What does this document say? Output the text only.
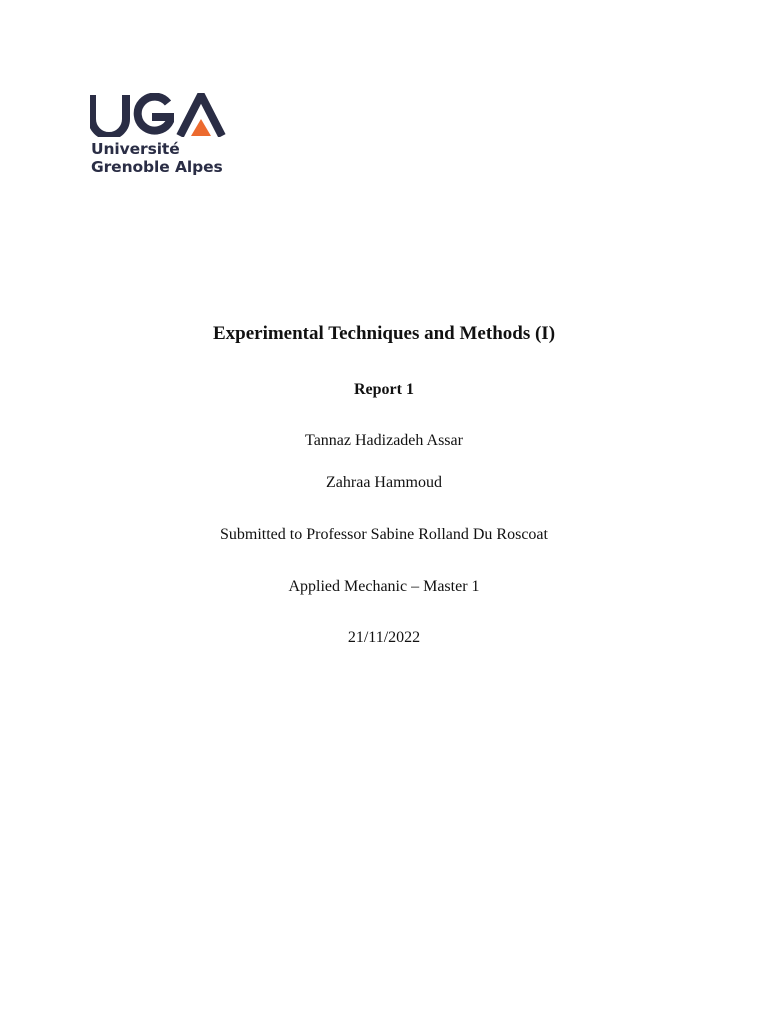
Université
Grenoble Alpes
Experimental Techniques and Methods (I)
Report 1
Tannaz Hadizadeh Assar
Zahraa Hammoud
Submitted to Professor Sabine Rolland Du Roscoat
Applied Mechanic – Master 1
21/11/2022
